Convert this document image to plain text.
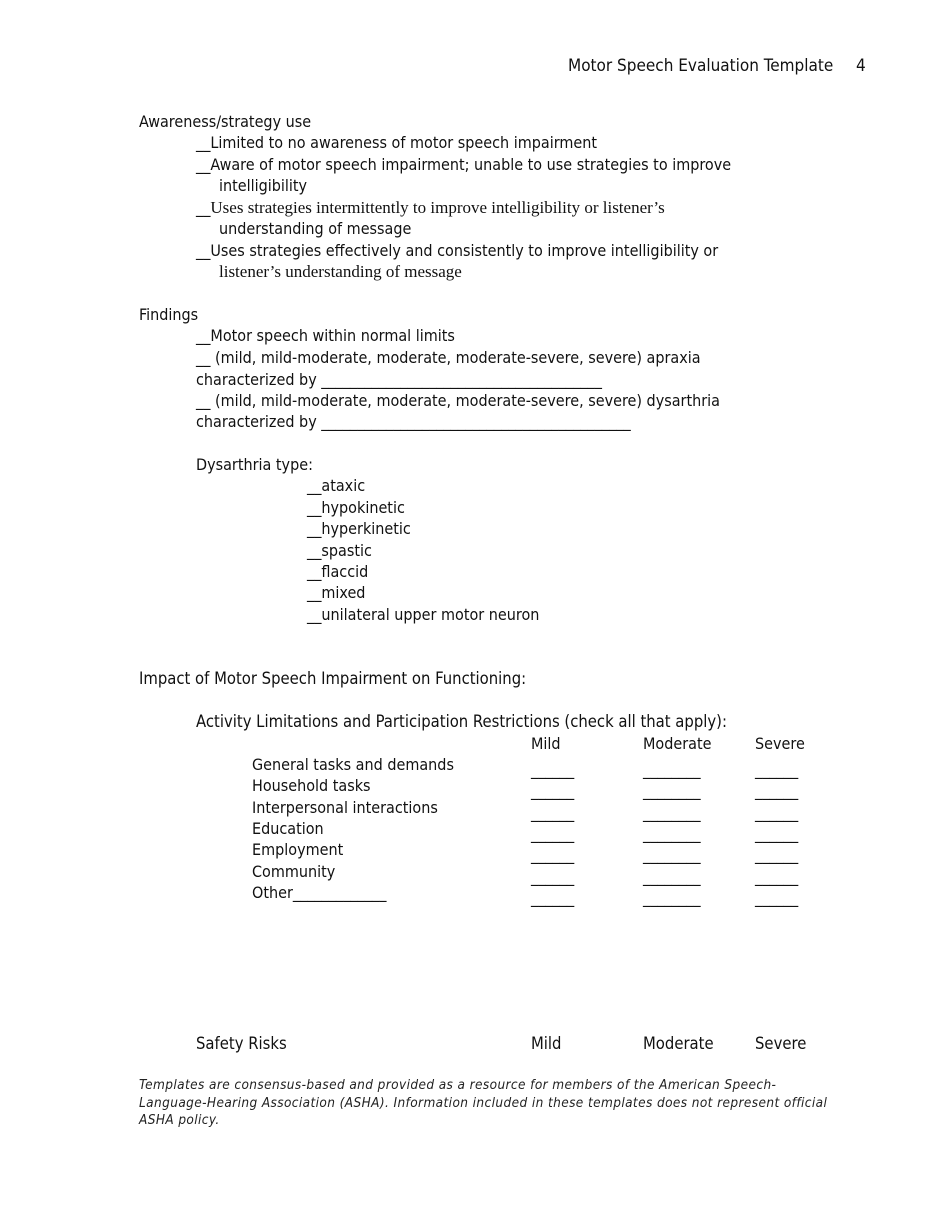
Motor Speech Evaluation Template 4
Awareness/strategy use
__Limited to no awareness of motor speech impairment
__Aware of motor speech impairment; unable to use strategies to improve
intelligibility
__Uses strategies intermittently to improve intelligibility or listener’s
understanding of message
__Uses strategies effectively and consistently to improve intelligibility or
listener’s understanding of message
Findings
__Motor speech within normal limits
__ (mild, mild-moderate, moderate, moderate-severe, severe) apraxia
characterized by _______________________________________
__ (mild, mild-moderate, moderate, moderate-severe, severe) dysarthria
characterized by ___________________________________________
Dysarthria type:
__ataxic
__hypokinetic
__hyperkinetic
__spastic
__flaccid
__mixed
__unilateral upper motor neuron
Impact of Motor Speech Impairment on Functioning:
Activity Limitations and Participation Restrictions (check all that apply):
Mild	Moderate	Severe
General tasks and demands	______	________	______
Household tasks	______	________	______
Interpersonal interactions	______	________	______
Education	______	________	______
Employment	______	________	______
Community	______	________	______
Other_____________	______	________	______
Safety Risks	Mild	Moderate	Severe
Templates are consensus-based and provided as a resource for members of the American Speech-
Language-Hearing Association (ASHA). Information included in these templates does not represent official
ASHA policy.
